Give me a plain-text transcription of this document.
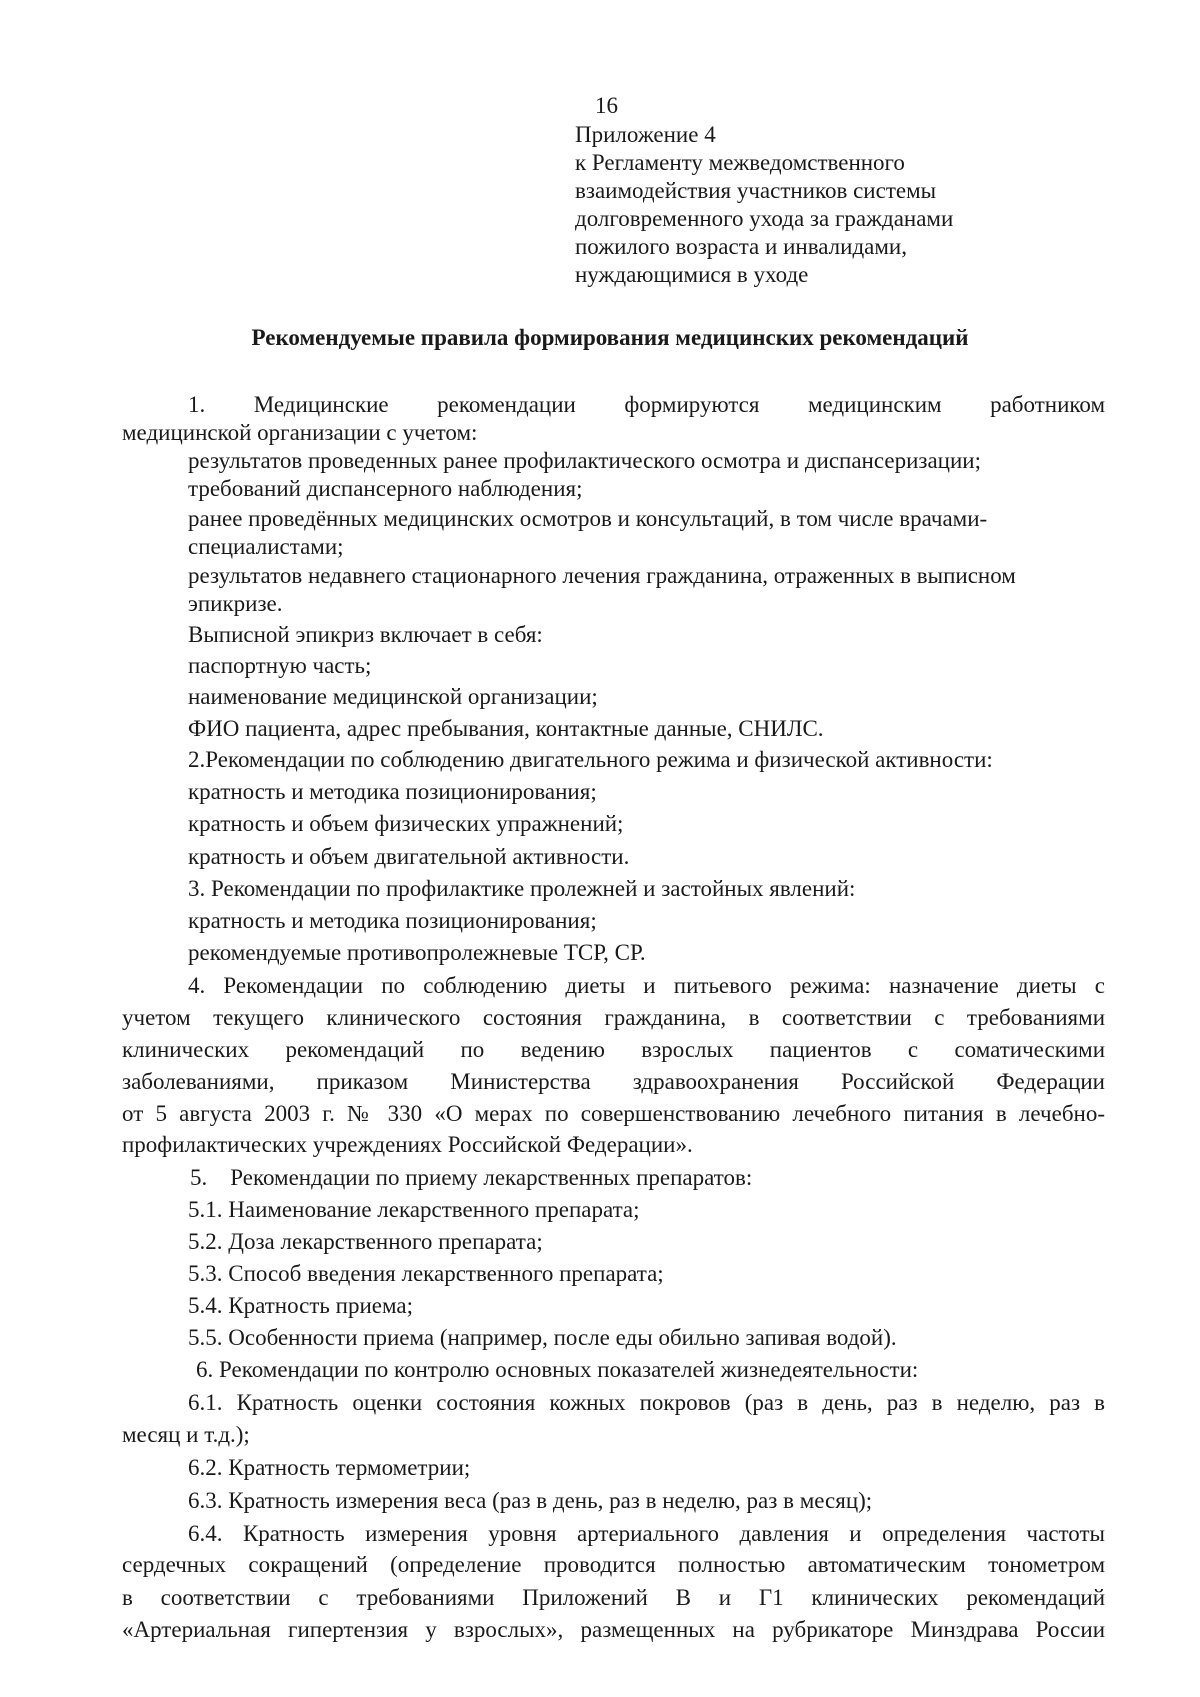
16
Приложение 4
к Регламенту межведомственного
взаимодействия участников системы
долговременного ухода за гражданами
пожилого возраста и инвалидами,
нуждающимися в уходе
Рекомендуемые правила формирования медицинских рекомендаций
1. Медицинские рекомендации формируются медицинским работником
медицинской организации с учетом:
результатов проведенных ранее профилактического осмотра и диспансеризации;
требований диспансерного наблюдения;
ранее проведённых медицинских осмотров и консультаций, в том числе врачами-
специалистами;
результатов недавнего стационарного лечения гражданина, отраженных в выписном
эпикризе.
Выписной эпикриз включает в себя:
паспортную часть;
наименование медицинской организации;
ФИО пациента, адрес пребывания, контактные данные, СНИЛС.
2.Рекомендации по соблюдению двигательного режима и физической активности:
кратность и методика позиционирования;
кратность и объем физических упражнений;
кратность и объем двигательной активности.
3. Рекомендации по профилактике пролежней и застойных явлений:
кратность и методика позиционирования;
рекомендуемые противопролежневые ТСР, СР.
4. Рекомендации по соблюдению диеты и питьевого режима: назначение диеты с
учетом текущего клинического состояния гражданина, в соответствии с требованиями
клинических рекомендаций по ведению взрослых пациентов с соматическими
заболеваниями, приказом Министерства здравоохранения Российской Федерации
от 5 августа 2003 г. № 330 «О мерах по совершенствованию лечебного питания в лечебно-
профилактических учреждениях Российской Федерации».
5.    Рекомендации по приему лекарственных препаратов:
5.1. Наименование лекарственного препарата;
5.2. Доза лекарственного препарата;
5.3. Способ введения лекарственного препарата;
5.4. Кратность приема;
5.5. Особенности приема (например, после еды обильно запивая водой).
6. Рекомендации по контролю основных показателей жизнедеятельности:
6.1. Кратность оценки состояния кожных покровов (раз в день, раз в неделю, раз в
месяц и т.д.);
6.2. Кратность термометрии;
6.3. Кратность измерения веса (раз в день, раз в неделю, раз в месяц);
6.4. Кратность измерения уровня артериального давления и определения частоты
сердечных сокращений (определение проводится полностью автоматическим тонометром
в соответствии с требованиями Приложений В и Г1 клинических рекомендаций
«Артериальная гипертензия у взрослых», размещенных на рубрикаторе Минздрава России
